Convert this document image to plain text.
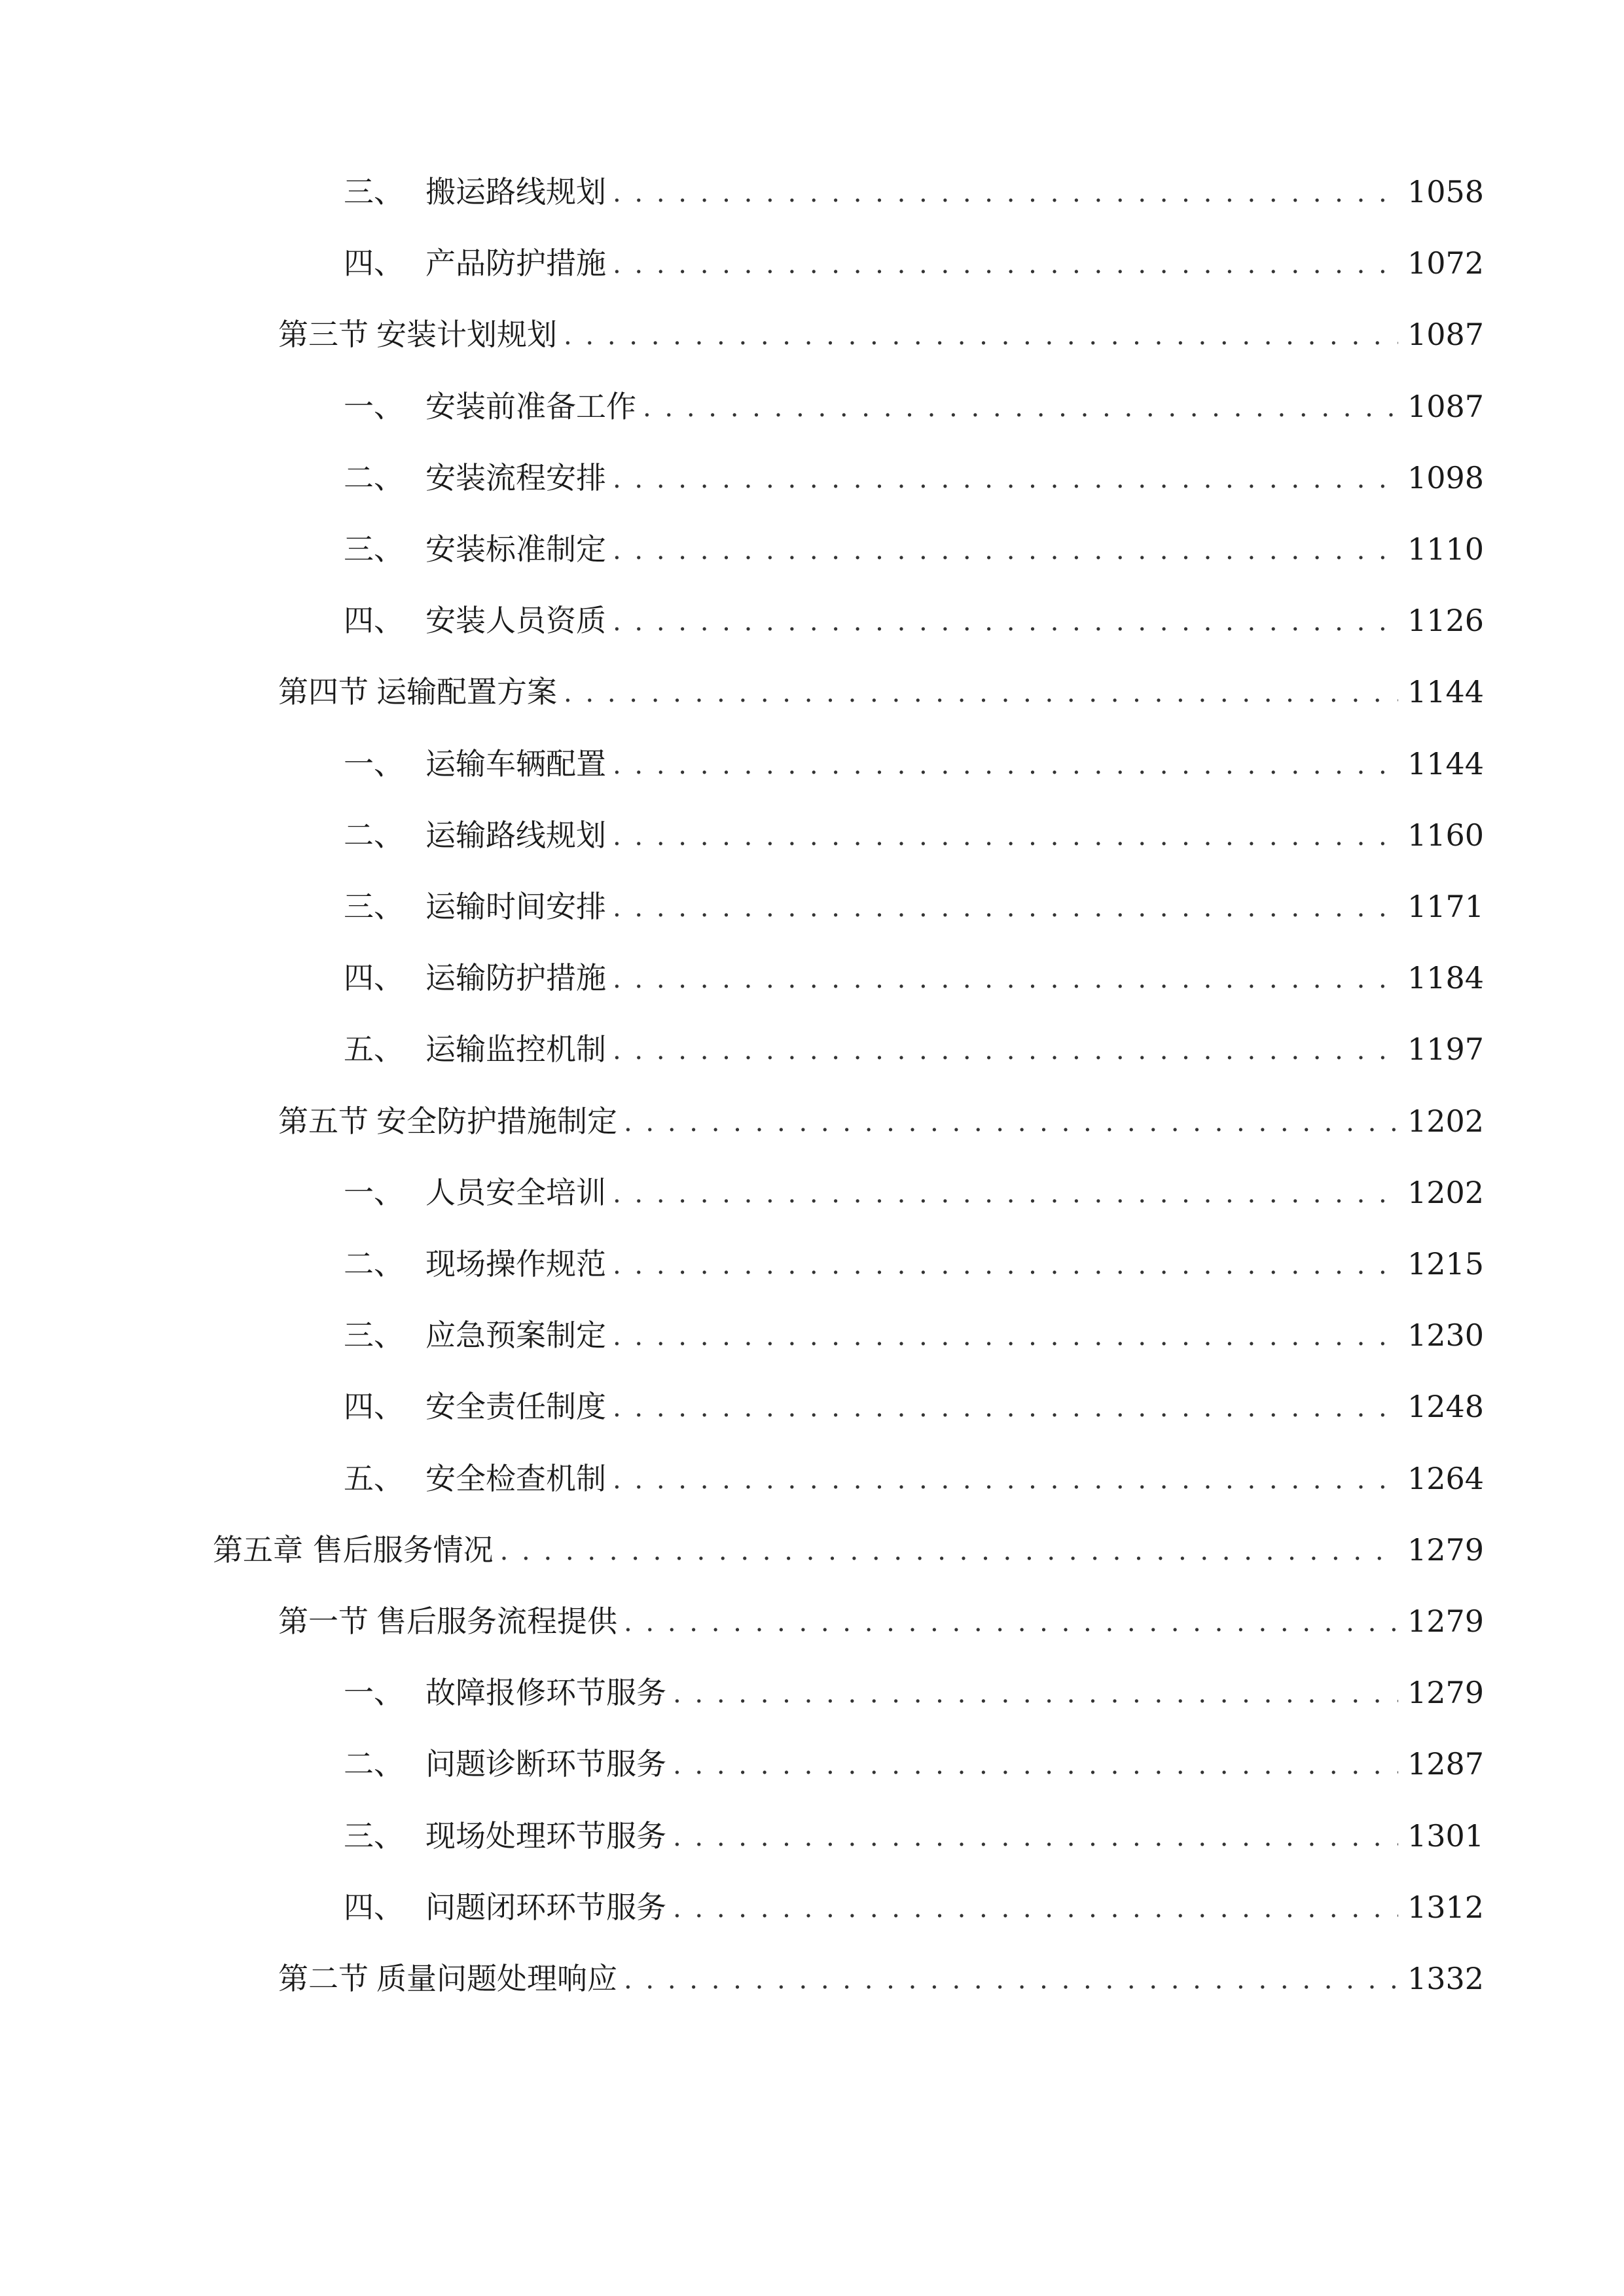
三、 搬运路线规划 . . .	1058
四、 产品防护措施 . . .	1072
第三节 安装计划规划 . . .	1087
一、 安装前准备工作 . . .	1087
二、 安装流程安排 . . .	1098
三、 安装标准制定 . . .	1110
四、 安装人员资质 . . .	1126
第四节 运输配置方案 . . .	1144
一、 运输车辆配置 . . .	1144
二、 运输路线规划 . . .	1160
三、 运输时间安排 . . .	1171
四、 运输防护措施 . . .	1184
五、 运输监控机制 . . .	1197
第五节 安全防护措施制定 . . .	1202
一、 人员安全培训 . . .	1202
二、 现场操作规范 . . .	1215
三、 应急预案制定 . . .	1230
四、 安全责任制度 . . .	1248
五、 安全检查机制 . . .	1264
第五章 售后服务情况 . . .	1279
第一节 售后服务流程提供 . . .	1279
一、 故障报修环节服务 . . .	1279
二、 问题诊断环节服务 . . .	1287
三、 现场处理环节服务 . . .	1301
四、 问题闭环环节服务 . . .	1312
第二节 质量问题处理响应 . . .	1332
